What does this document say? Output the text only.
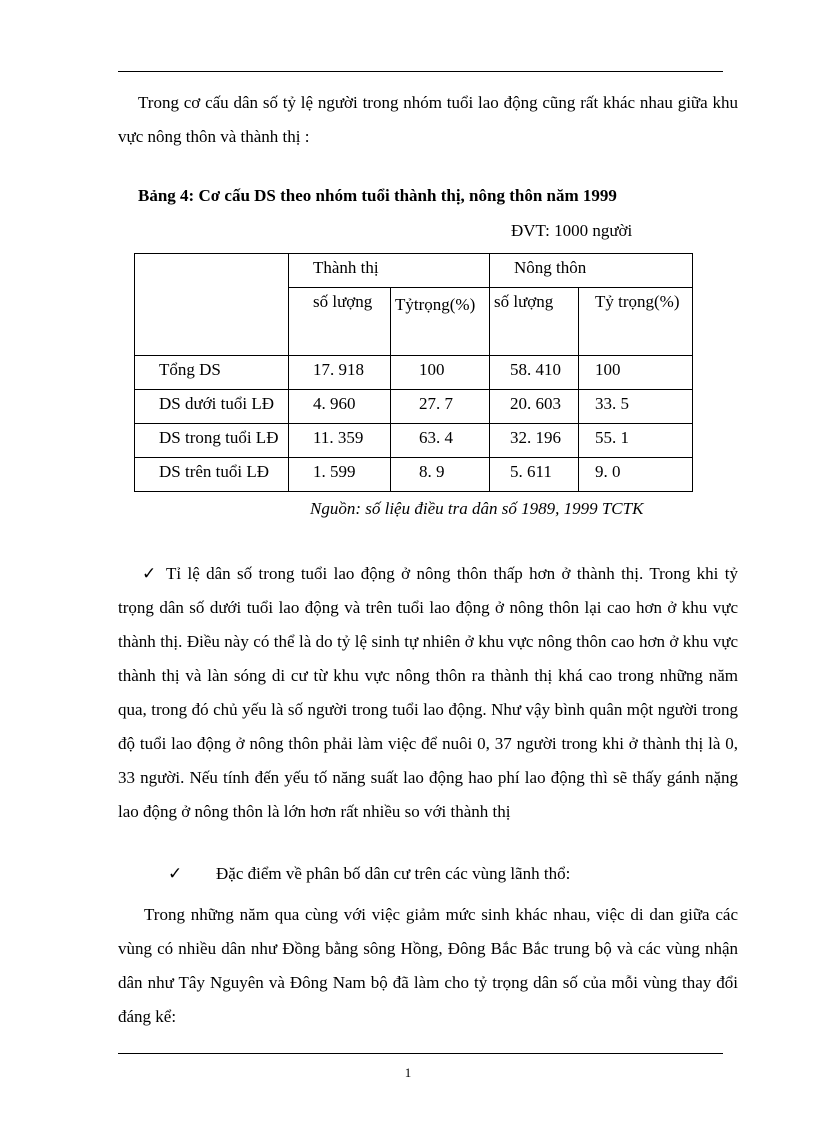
Trong cơ cấu dân số tỷ lệ người trong nhóm tuổi lao động cũng rất khác nhau giữa khu vực nông thôn và thành thị :

Bảng 4: Cơ cấu DS theo nhóm tuổi thành thị, nông thôn năm 1999

ĐVT: 1000 người

	Thành thị		Nông thôn	

	số lượng	Tỷtrọng(%)	số lượng	Tỷ trọng(%)

Tổng DS	17. 918	100	58. 410	100

DS dưới tuổi LĐ	4. 960	27. 7	20. 603	33. 5

DS trong tuổi LĐ	11. 359	63. 4	32. 196	55. 1

DS trên tuổi LĐ	1. 599	8. 9	5. 611	9. 0

Nguồn: số liệu điều tra dân số 1989, 1999 TCTK

✓ Tỉ lệ dân số trong tuổi lao động ở nông thôn thấp hơn ở thành thị. Trong khi tỷ trọng dân số dưới tuổi lao động và trên tuổi lao động ở nông thôn lại cao hơn ở khu vực thành thị. Điều này có thể là do tỷ lệ sinh tự nhiên ở khu vực nông thôn cao hơn ở khu vực thành thị và làn sóng di cư từ khu vực nông thôn ra thành thị khá cao trong những năm qua, trong đó chủ yếu là số người trong tuổi lao động. Như vậy bình quân một người trong độ tuổi lao động ở nông thôn phải làm việc để nuôi 0, 37 người trong khi ở thành thị là 0, 33 người. Nếu tính đến yếu tố năng suất lao động hao phí lao động thì sẽ thấy gánh nặng lao động ở nông thôn là lớn hơn rất nhiều so với thành thị

✓ Đặc điểm về phân bố dân cư trên các vùng lãnh thổ:

Trong những năm qua cùng với việc giảm mức sinh khác nhau, việc di dan giữa các vùng có nhiều dân như Đồng bằng sông Hồng, Đông Bắc Bắc trung bộ và các vùng nhận dân như Tây Nguyên và Đông Nam bộ đã làm cho tỷ trọng dân số của mỗi vùng thay đổi đáng kể:

1
